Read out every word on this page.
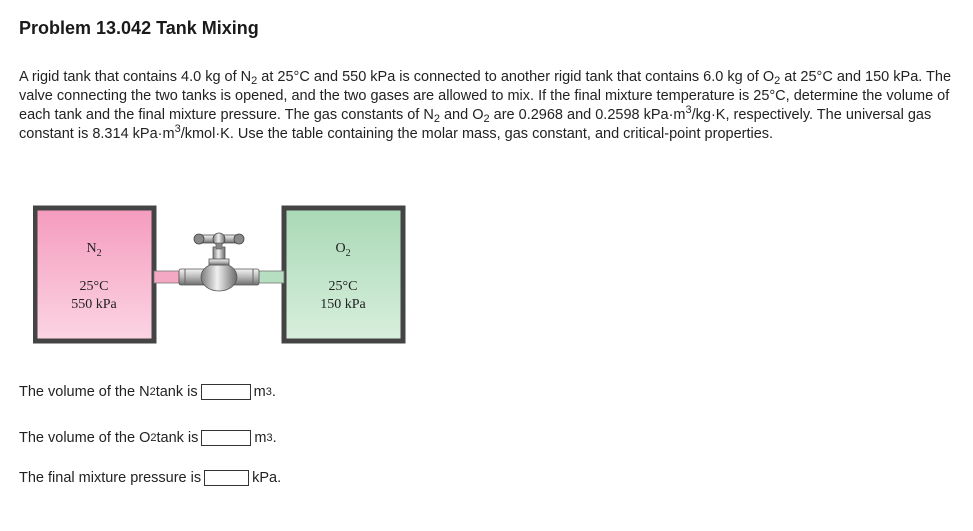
Problem 13.042 Tank Mixing
A rigid tank that contains 4.0 kg of $N_2$ at 25°C and 550 kPa is connected to another rigid tank that contains 6.0 kg of $O_2$ at 25°C and 150 kPa. The valve connecting the two tanks is opened, and the two gases are allowed to mix. If the final mixture temperature is 25°C, determine the volume of each tank and the final mixture pressure. The gas constants of $N_2$ and $O_2$ are 0.2968 and 0.2598 $kPa\cdot m^3/kg\cdot K$, respectively. The universal gas constant is 8.314 $kPa\cdot m^3/kmol\cdot K$. Use the table containing the molar mass, gas constant, and critical-point properties.
$N_2$
25°C
550 kPa
$O_2$
25°C
150 kPa
The volume of the N 2 tank is	m 3 .
The volume of the O 2 tank is	m 3 .
The final mixture pressure is	kPa.
